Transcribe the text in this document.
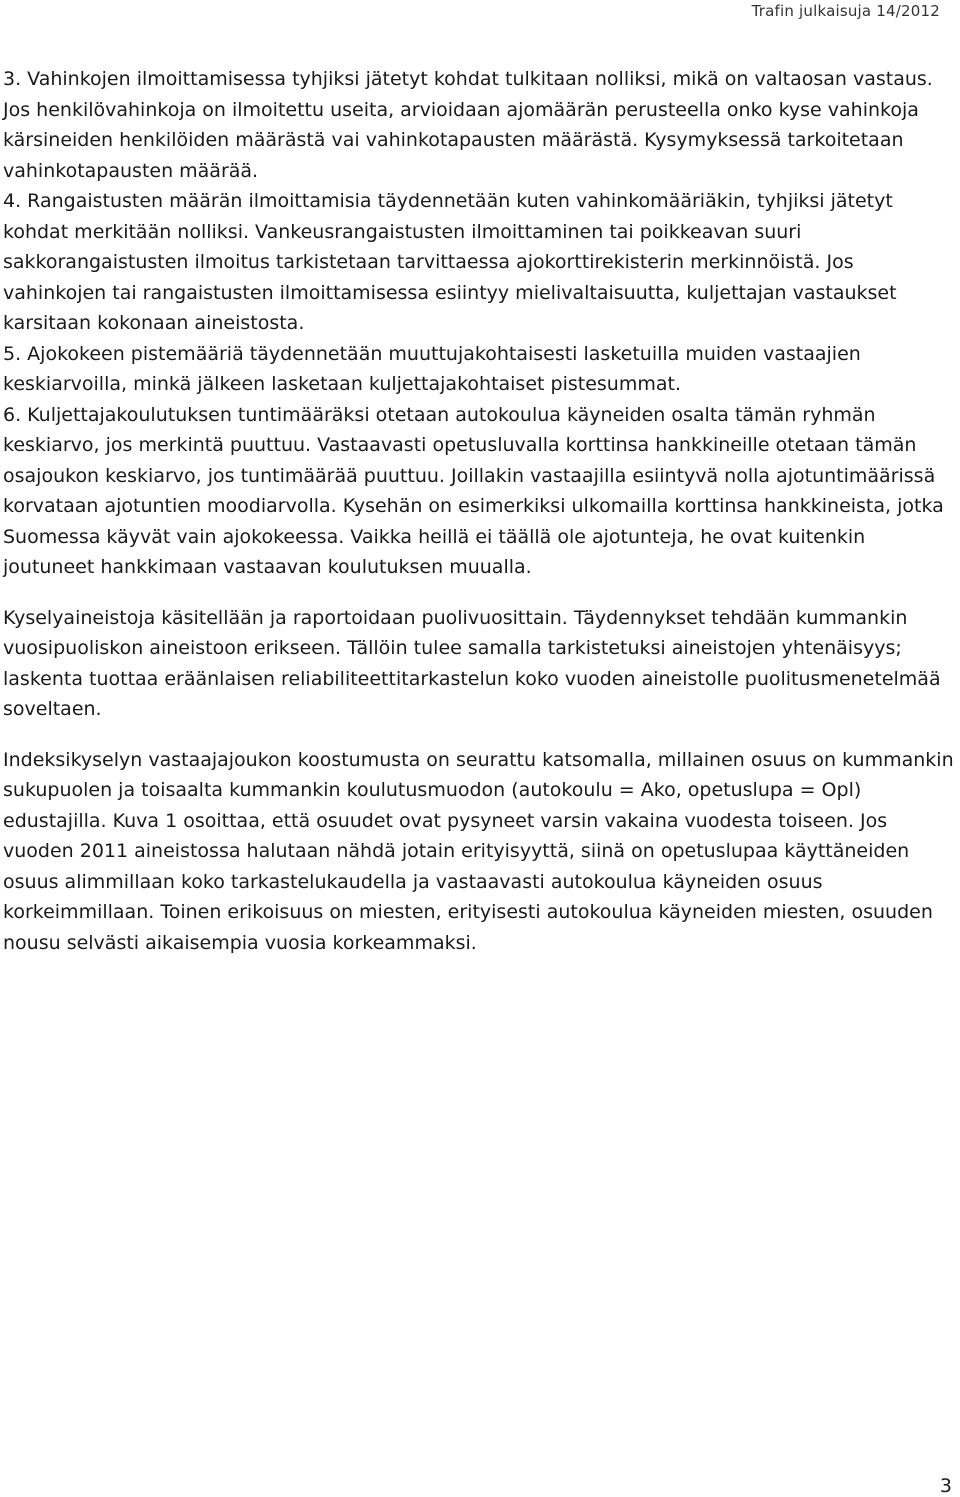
Trafin julkaisuja 14/2012

3. Vahinkojen ilmoittamisessa tyhjiksi jätetyt kohdat tulkitaan nolliksi, mikä on valtaosan vastaus. Jos henkilövahinkoja on ilmoitettu useita, arvioidaan ajomäärän perusteella onko kyse vahinkoja kärsineiden henkilöiden määrästä vai vahinkotapausten määrästä. Kysymyksessä tarkoitetaan vahinkotapausten määrää.

4. Rangaistusten määrän ilmoittamisia täydennetään kuten vahinkomääriäkin, tyhjiksi jätetyt kohdat merkitään nolliksi. Vankeusrangaistusten ilmoittaminen tai poikkeavan suuri sakkorangaistusten ilmoitus tarkistetaan tarvittaessa ajokorttirekisterin merkinnöistä. Jos vahinkojen tai rangaistusten ilmoittamisessa esiintyy mielivaltaisuutta, kuljettajan vastaukset karsitaan kokonaan aineistosta.

5. Ajokokeen pistemääriä täydennetään muuttujakohtaisesti lasketuilla muiden vastaajien keskiarvoilla, minkä jälkeen lasketaan kuljettajakohtaiset pistesummat.

6. Kuljettajakoulutuksen tuntimääräksi otetaan autokoulua käyneiden osalta tämän ryhmän keskiarvo, jos merkintä puuttuu. Vastaavasti opetusluvalla korttinsa hankkineille otetaan tämän osajoukon keskiarvo, jos tuntimäärää puuttuu. Joillakin vastaajilla esiintyvä nolla ajotuntimäärissä korvataan ajotuntien moodiarvolla. Kysehän on esimerkiksi ulkomailla korttinsa hankkineista, jotka Suomessa käyvät vain ajokokeessa. Vaikka heillä ei täällä ole ajotunteja, he ovat kuitenkin joutuneet hankkimaan vastaavan koulutuksen muualla.

Kyselyaineistoja käsitellään ja raportoidaan puolivuosittain. Täydennykset tehdään kummankin vuosipuoliskon aineistoon erikseen. Tällöin tulee samalla tarkistetuksi aineistojen yhtenäisyys; laskenta tuottaa eräänlaisen reliabiliteettitarkastelun koko vuoden aineistolle puolitusmenetelmää soveltaen.

Indeksikyselyn vastaajajoukon koostumusta on seurattu katsomalla, millainen osuus on kummankin sukupuolen ja toisaalta kummankin koulutusmuodon (autokoulu = Ako, opetuslupa = Opl) edustajilla. Kuva 1 osoittaa, että osuudet ovat pysyneet varsin vakaina vuodesta toiseen. Jos vuoden 2011 aineistossa halutaan nähdä jotain erityisyyttä, siinä on opetuslupaa käyttäneiden osuus alimmillaan koko tarkastelukaudella ja vastaavasti autokoulua käyneiden osuus korkeimmillaan. Toinen erikoisuus on miesten, erityisesti autokoulua käyneiden miesten, osuuden nousu selvästi aikaisempia vuosia korkeammaksi.

3
